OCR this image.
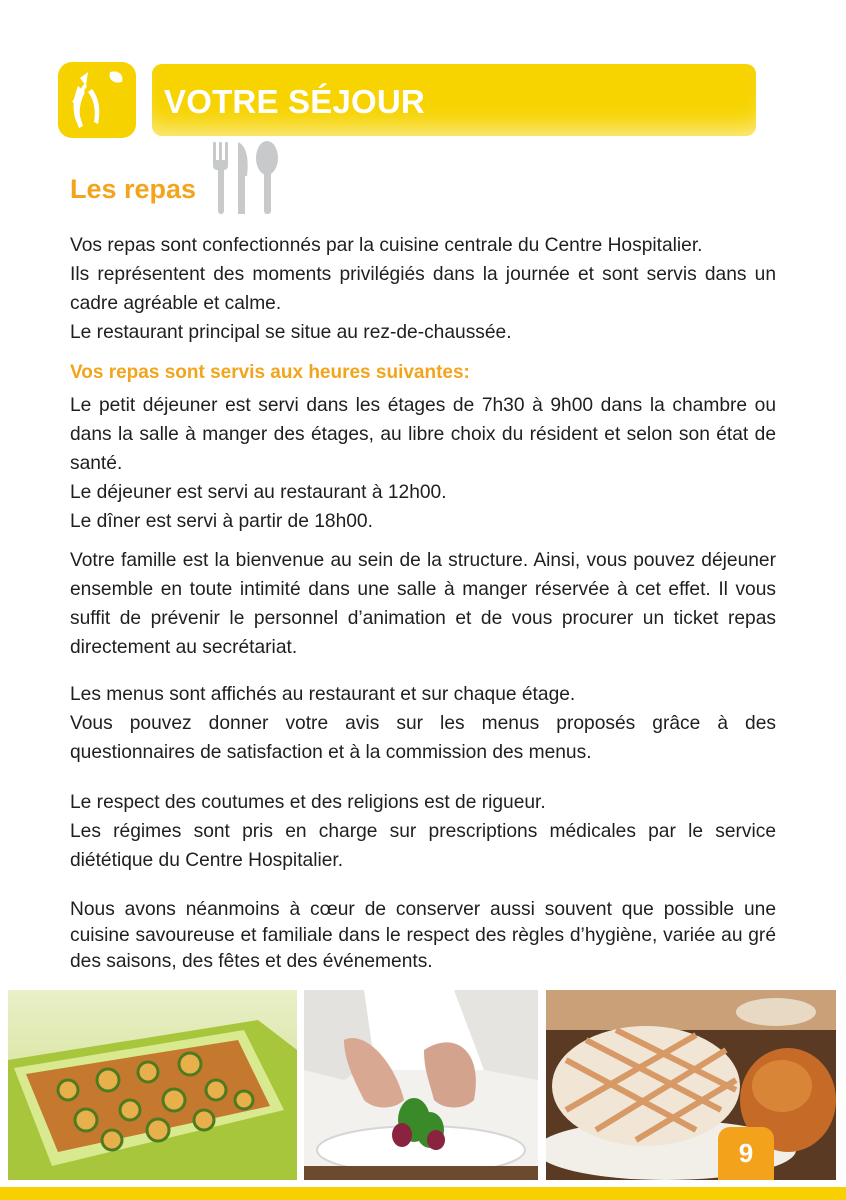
VOTRE SÉJOUR
Les repas

Vos repas sont confectionnés par la cuisine centrale du Centre Hospitalier.

Ils représentent des moments privilégiés dans la journée et sont servis dans un cadre agréable et calme.

Le restaurant principal se situe au rez-de-chaussée.

Vos repas sont servis aux heures suivantes:

Le petit déjeuner est servi dans les étages de 7h30 à 9h00 dans la chambre ou dans la salle à manger des étages, au libre choix du résident et selon son état de santé.

Le déjeuner est servi au restaurant à 12h00.

Le dîner est servi à partir de 18h00.

Votre famille est la bienvenue au sein de la structure. Ainsi, vous pouvez déjeuner ensemble en toute intimité dans une salle à manger réservée à cet effet. Il vous suffit de prévenir le personnel d’animation et de vous procurer un ticket repas directement au secrétariat.

Les menus sont affichés au restaurant et sur chaque étage.

Vous pouvez donner votre avis sur les menus proposés grâce à des questionnaires de satisfaction et à la commission des menus.

Le respect des coutumes et des religions est de rigueur.

Les régimes sont pris en charge sur prescriptions médicales par le service diététique du Centre Hospitalier.

Nous avons néanmoins à cœur de conserver aussi souvent que possible une cuisine savoureuse et familiale dans le respect des règles d’hygiène, variée au gré des saisons, des fêtes et des événements.

9
